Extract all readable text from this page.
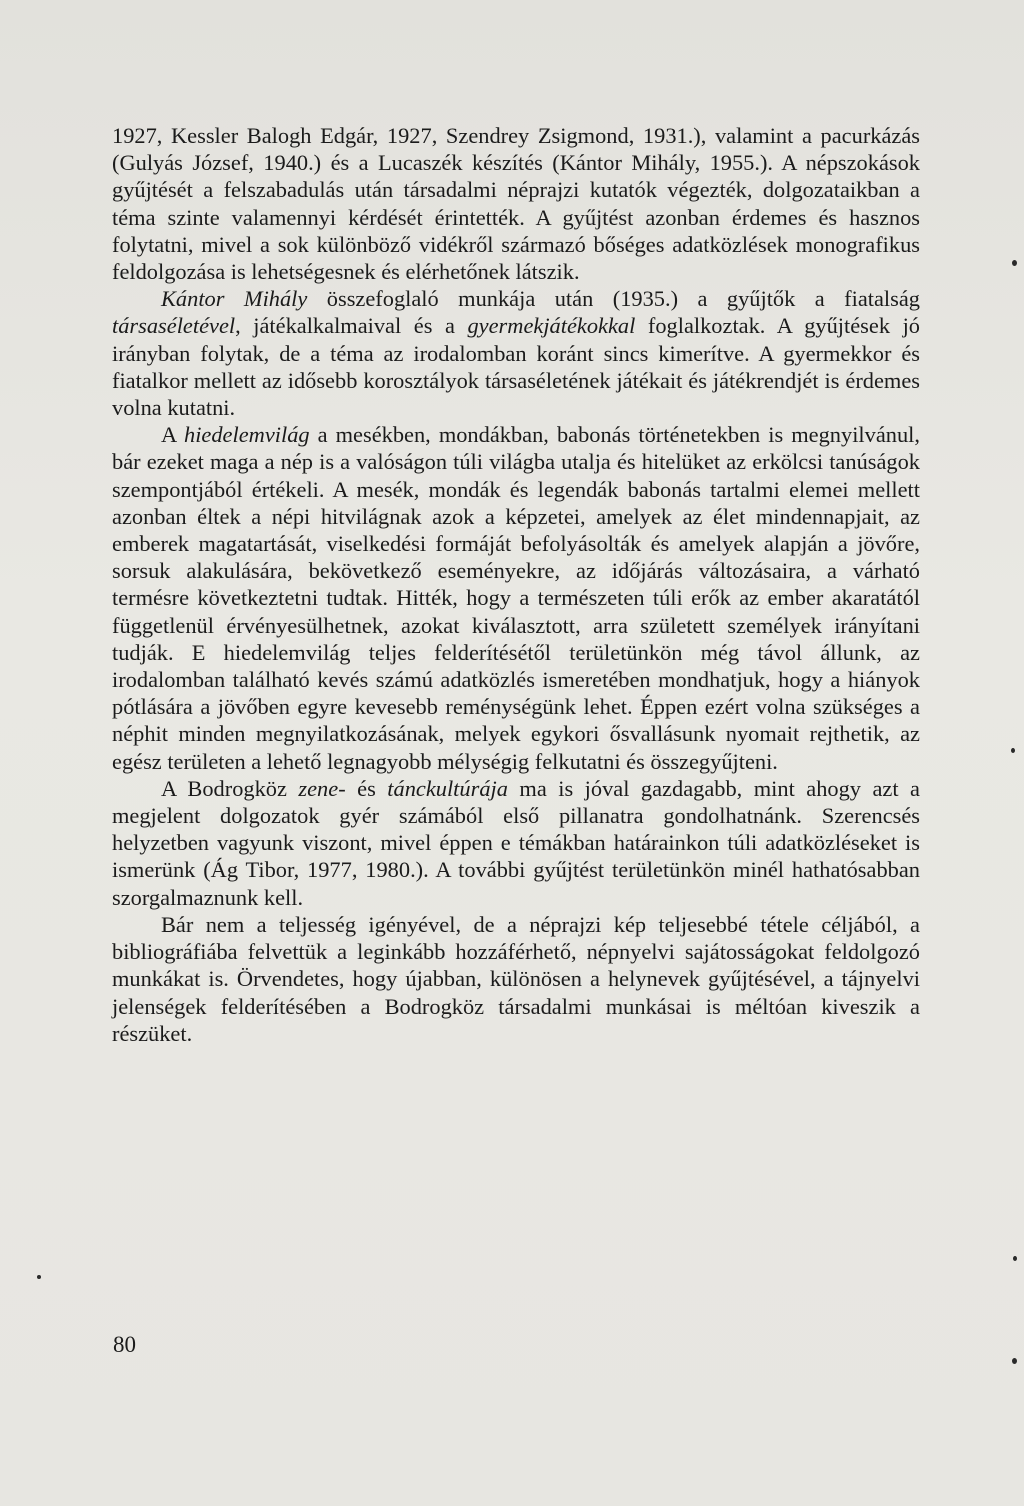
1927, Kessler Balogh Edgár, 1927, Szendrey Zsigmond, 1931.), valamint a pacurkázás (Gulyás József, 1940.) és a Lucaszék készítés (Kántor Mihály, 1955.). A népszokások gyűjtését a felszabadulás után társadalmi néprajzi kutatók végezték, dolgozataikban a téma szinte valamennyi kérdését érintették. A gyűjtést azonban érdemes és hasznos folytatni, mivel a sok különböző vidékről származó bőséges adatközlések monografikus feldolgozása is lehetségesnek és elérhetőnek látszik.

Kántor Mihály összefoglaló munkája után (1935.) a gyűjtők a fiatalság társaséletével, játékalkalmaival és a gyermekjátékokkal foglalkoztak. A gyűjtések jó irányban folytak, de a téma az irodalomban koránt sincs kimerítve. A gyermekkor és fiatalkor mellett az idősebb korosztályok társaséletének játékait és játékrendjét is érdemes volna kutatni.

A hiedelemvilág a mesékben, mondákban, babonás történetekben is megnyilvánul, bár ezeket maga a nép is a valóságon túli világba utalja és hitelüket az erkölcsi tanúságok szempontjából értékeli. A mesék, mondák és legendák babonás tartalmi elemei mellett azonban éltek a népi hitvilágnak azok a képzetei, amelyek az élet mindennapjait, az emberek magatartását, viselkedési formáját befolyásolták és amelyek alapján a jövőre, sorsuk alakulására, bekövetkező eseményekre, az időjárás változásaira, a várható termésre következtetni tudtak. Hitték, hogy a természeten túli erők az ember akaratától függetlenül érvényesülhetnek, azokat kiválasztott, arra született személyek irányítani tudják. E hiedelemvilág teljes felderítésétől területünkön még távol állunk, az irodalomban található kevés számú adatközlés ismeretében mondhatjuk, hogy a hiányok pótlására a jövőben egyre kevesebb reménységünk lehet. Éppen ezért volna szükséges a néphit minden megnyilatkozásának, melyek egykori ősvallásunk nyomait rejthetik, az egész területen a lehető legnagyobb mélységig felkutatni és összegyűjteni.

A Bodrogköz zene- és tánckultúrája ma is jóval gazdagabb, mint ahogy azt a megjelent dolgozatok gyér számából első pillanatra gondolhatnánk. Szerencsés helyzetben vagyunk viszont, mivel éppen e témákban határainkon túli adatközléseket is ismerünk (Ág Tibor, 1977, 1980.). A további gyűjtést területünkön minél hathatósabban szorgalmaznunk kell.

Bár nem a teljesség igényével, de a néprajzi kép teljesebbé tétele céljából, a bibliográfiába felvettük a leginkább hozzáférhető, népnyelvi sajátosságokat feldolgozó munkákat is. Örvendetes, hogy újabban, különösen a helynevek gyűjtésével, a tájnyelvi jelenségek felderítésében a Bodrogköz társadalmi munkásai is méltóan kiveszik a részüket.

80
